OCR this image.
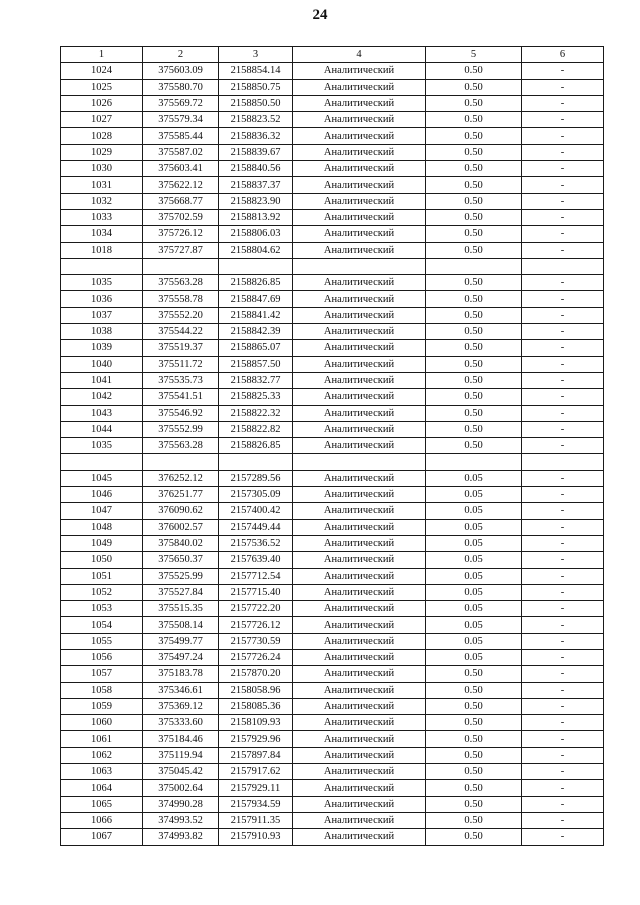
24
1	2	3	4	5	6
1024	375603.09	2158854.14	Аналитический	0.50	-
1025	375580.70	2158850.75	Аналитический	0.50	-
1026	375569.72	2158850.50	Аналитический	0.50	-
1027	375579.34	2158823.52	Аналитический	0.50	-
1028	375585.44	2158836.32	Аналитический	0.50	-
1029	375587.02	2158839.67	Аналитический	0.50	-
1030	375603.41	2158840.56	Аналитический	0.50	-
1031	375622.12	2158837.37	Аналитический	0.50	-
1032	375668.77	2158823.90	Аналитический	0.50	-
1033	375702.59	2158813.92	Аналитический	0.50	-
1034	375726.12	2158806.03	Аналитический	0.50	-
1018	375727.87	2158804.62	Аналитический	0.50	-

1035	375563.28	2158826.85	Аналитический	0.50	-
1036	375558.78	2158847.69	Аналитический	0.50	-
1037	375552.20	2158841.42	Аналитический	0.50	-
1038	375544.22	2158842.39	Аналитический	0.50	-
1039	375519.37	2158865.07	Аналитический	0.50	-
1040	375511.72	2158857.50	Аналитический	0.50	-
1041	375535.73	2158832.77	Аналитический	0.50	-
1042	375541.51	2158825.33	Аналитический	0.50	-
1043	375546.92	2158822.32	Аналитический	0.50	-
1044	375552.99	2158822.82	Аналитический	0.50	-
1035	375563.28	2158826.85	Аналитический	0.50	-

1045	376252.12	2157289.56	Аналитический	0.05	-
1046	376251.77	2157305.09	Аналитический	0.05	-
1047	376090.62	2157400.42	Аналитический	0.05	-
1048	376002.57	2157449.44	Аналитический	0.05	-
1049	375840.02	2157536.52	Аналитический	0.05	-
1050	375650.37	2157639.40	Аналитический	0.05	-
1051	375525.99	2157712.54	Аналитический	0.05	-
1052	375527.84	2157715.40	Аналитический	0.05	-
1053	375515.35	2157722.20	Аналитический	0.05	-
1054	375508.14	2157726.12	Аналитический	0.05	-
1055	375499.77	2157730.59	Аналитический	0.05	-
1056	375497.24	2157726.24	Аналитический	0.05	-
1057	375183.78	2157870.20	Аналитический	0.50	-
1058	375346.61	2158058.96	Аналитический	0.50	-
1059	375369.12	2158085.36	Аналитический	0.50	-
1060	375333.60	2158109.93	Аналитический	0.50	-
1061	375184.46	2157929.96	Аналитический	0.50	-
1062	375119.94	2157897.84	Аналитический	0.50	-
1063	375045.42	2157917.62	Аналитический	0.50	-
1064	375002.64	2157929.11	Аналитический	0.50	-
1065	374990.28	2157934.59	Аналитический	0.50	-
1066	374993.52	2157911.35	Аналитический	0.50	-
1067	374993.82	2157910.93	Аналитический	0.50	-
